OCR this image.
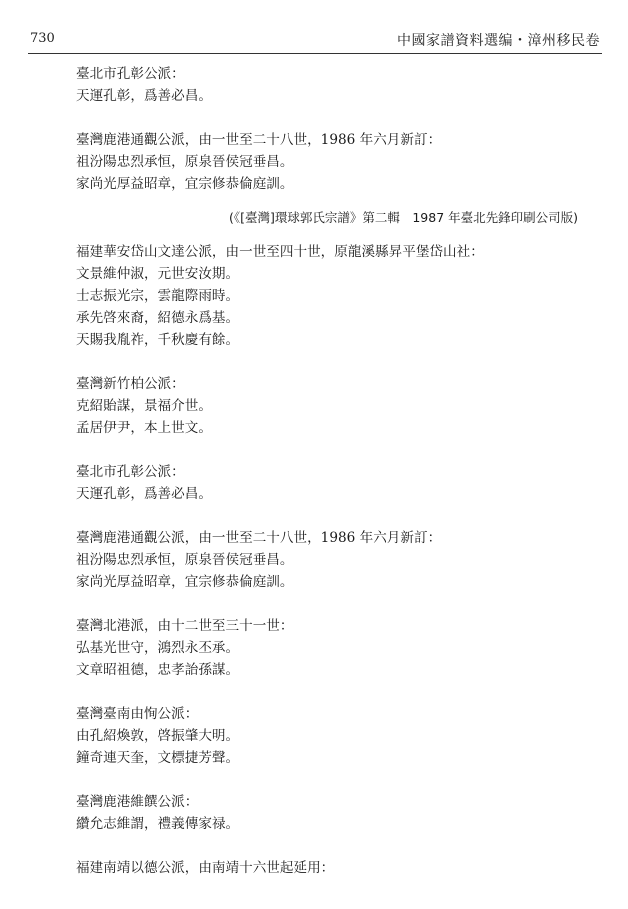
730	中國家譜資料選编・漳州移民卷
臺北市孔彰公派：
天運孔彰，爲善必昌。
臺灣鹿港通觀公派，由一世至二十八世，1986 年六月新訂：
祖汾陽忠烈承恒，原泉晉侯冠垂昌。
家尚光厚益昭章，宜宗修恭倫庭訓。
(《[臺灣]環球郭氏宗譜》第二輯　1987 年臺北先鋒印刷公司版)
福建華安岱山文達公派，由一世至四十世，原龍溪縣昇平堡岱山社：
文景維仲淑，元世安汝期。
士志振光宗，雲龍際雨時。
承先啓來裔，紹德永爲基。
天賜我胤祚，千秋慶有餘。
臺灣新竹柏公派：
克紹貽謀，景福介世。
孟居伊尹，本上世文。
臺北市孔彰公派：
天運孔彰，爲善必昌。
臺灣鹿港通觀公派，由一世至二十八世，1986 年六月新訂：
祖汾陽忠烈承恒，原泉晉侯冠垂昌。
家尚光厚益昭章，宜宗修恭倫庭訓。
臺灣北港派，由十二世至三十一世：
弘基光世守，鴻烈永丕承。
文章昭祖德，忠孝詒孫謀。
臺灣臺南由恂公派：
由孔紹煥敦，啓振肇大明。
鐘奇連天奎，文標捷芳聲。
臺灣鹿港維饌公派：
纘允志維謂，禮義傳家禄。
福建南靖以德公派，由南靖十六世起延用：
